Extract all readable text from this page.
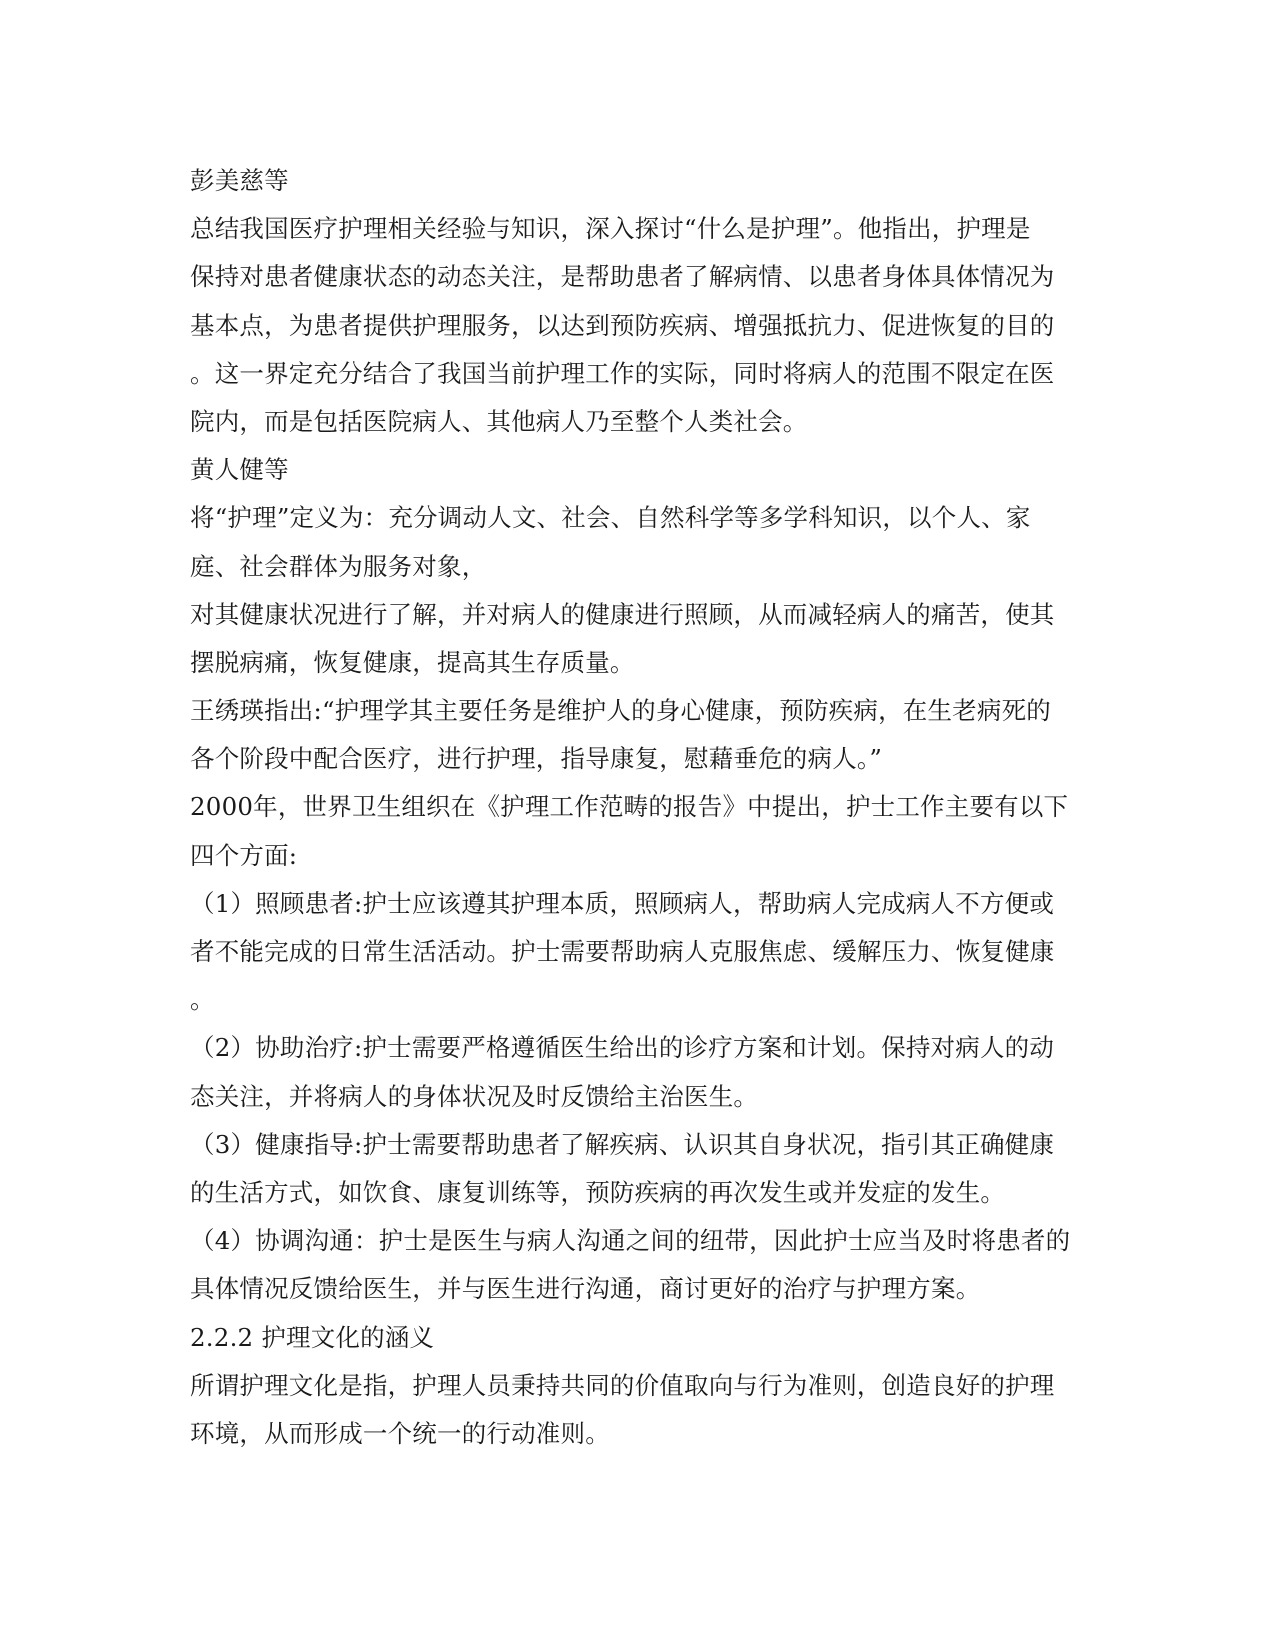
彭美慈等
总结我国医疗护理相关经验与知识，深入探讨“什么是护理”。他指出，护理是
保持对患者健康状态的动态关注，是帮助患者了解病情、以患者身体具体情况为
基本点，为患者提供护理服务，以达到预防疾病、增强抵抗力、促进恢复的目的
。这一界定充分结合了我国当前护理工作的实际，同时将病人的范围不限定在医
院内，而是包括医院病人、其他病人乃至整个人类社会。
黄人健等
将“护理”定义为：充分调动人文、社会、自然科学等多学科知识，以个人、家
庭、社会群体为服务对象，
对其健康状况进行了解，并对病人的健康进行照顾，从而减轻病人的痛苦，使其
摆脱病痛，恢复健康，提高其生存质量。
王绣瑛指出:“护理学其主要任务是维护人的身心健康，预防疾病，在生老病死的
各个阶段中配合医疗，进行护理，指导康复，慰藉垂危的病人。”
2000年，世界卫生组织在《护理工作范畴的报告》中提出，护士工作主要有以下
四个方面:
（1）照顾患者:护士应该遵其护理本质，照顾病人，帮助病人完成病人不方便或
者不能完成的日常生活活动。护士需要帮助病人克服焦虑、缓解压力、恢复健康
。
（2）协助治疗:护士需要严格遵循医生给出的诊疗方案和计划。保持对病人的动
态关注，并将病人的身体状况及时反馈给主治医生。
（3）健康指导:护士需要帮助患者了解疾病、认识其自身状况，指引其正确健康
的生活方式，如饮食、康复训练等，预防疾病的再次发生或并发症的发生。
（4）协调沟通：护士是医生与病人沟通之间的纽带，因此护士应当及时将患者的
具体情况反馈给医生，并与医生进行沟通，商讨更好的治疗与护理方案。
2.2.2 护理文化的涵义
所谓护理文化是指，护理人员秉持共同的价值取向与行为准则，创造良好的护理
环境，从而形成一个统一的行动准则。
